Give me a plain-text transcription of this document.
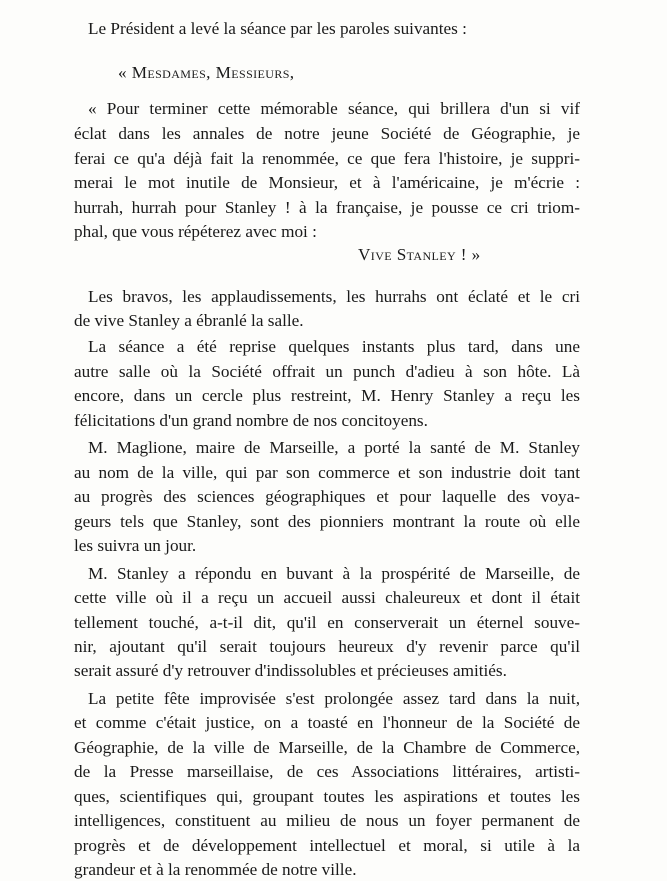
Le Président a levé la séance par les paroles suivantes :
« Mesdames, Messieurs,
« Pour terminer cette mémorable séance, qui brillera d'un si vif
éclat dans les annales de notre jeune Société de Géographie, je
ferai ce qu'a déjà fait la renommée, ce que fera l'histoire, je suppri-
merai le mot inutile de Monsieur, et à l'américaine, je m'écrie :
hurrah, hurrah pour Stanley ! à la française, je pousse ce cri triom-
phal, que vous répéterez avec moi :
Vive Stanley ! »
Les bravos, les applaudissements, les hurrahs ont éclaté et le cri
de vive Stanley a ébranlé la salle.
La séance a été reprise quelques instants plus tard, dans une
autre salle où la Société offrait un punch d'adieu à son hôte. Là
encore, dans un cercle plus restreint, M. Henry Stanley a reçu les
félicitations d'un grand nombre de nos concitoyens.
M. Maglione, maire de Marseille, a porté la santé de M. Stanley
au nom de la ville, qui par son commerce et son industrie doit tant
au progrès des sciences géographiques et pour laquelle des voya-
geurs tels que Stanley, sont des pionniers montrant la route où elle
les suivra un jour.
M. Stanley a répondu en buvant à la prospérité de Marseille, de
cette ville où il a reçu un accueil aussi chaleureux et dont il était
tellement touché, a-t-il dit, qu'il en conserverait un éternel souve-
nir, ajoutant qu'il serait toujours heureux d'y revenir parce qu'il
serait assuré d'y retrouver d'indissolubles et précieuses amitiés.
La petite fête improvisée s'est prolongée assez tard dans la nuit,
et comme c'était justice, on a toasté en l'honneur de la Société de
Géographie, de la ville de Marseille, de la Chambre de Commerce,
de la Presse marseillaise, de ces Associations littéraires, artisti-
ques, scientifiques qui, groupant toutes les aspirations et toutes les
intelligences, constituent au milieu de nous un foyer permanent de
progrès et de développement intellectuel et moral, si utile à la
grandeur et à la renommée de notre ville.
